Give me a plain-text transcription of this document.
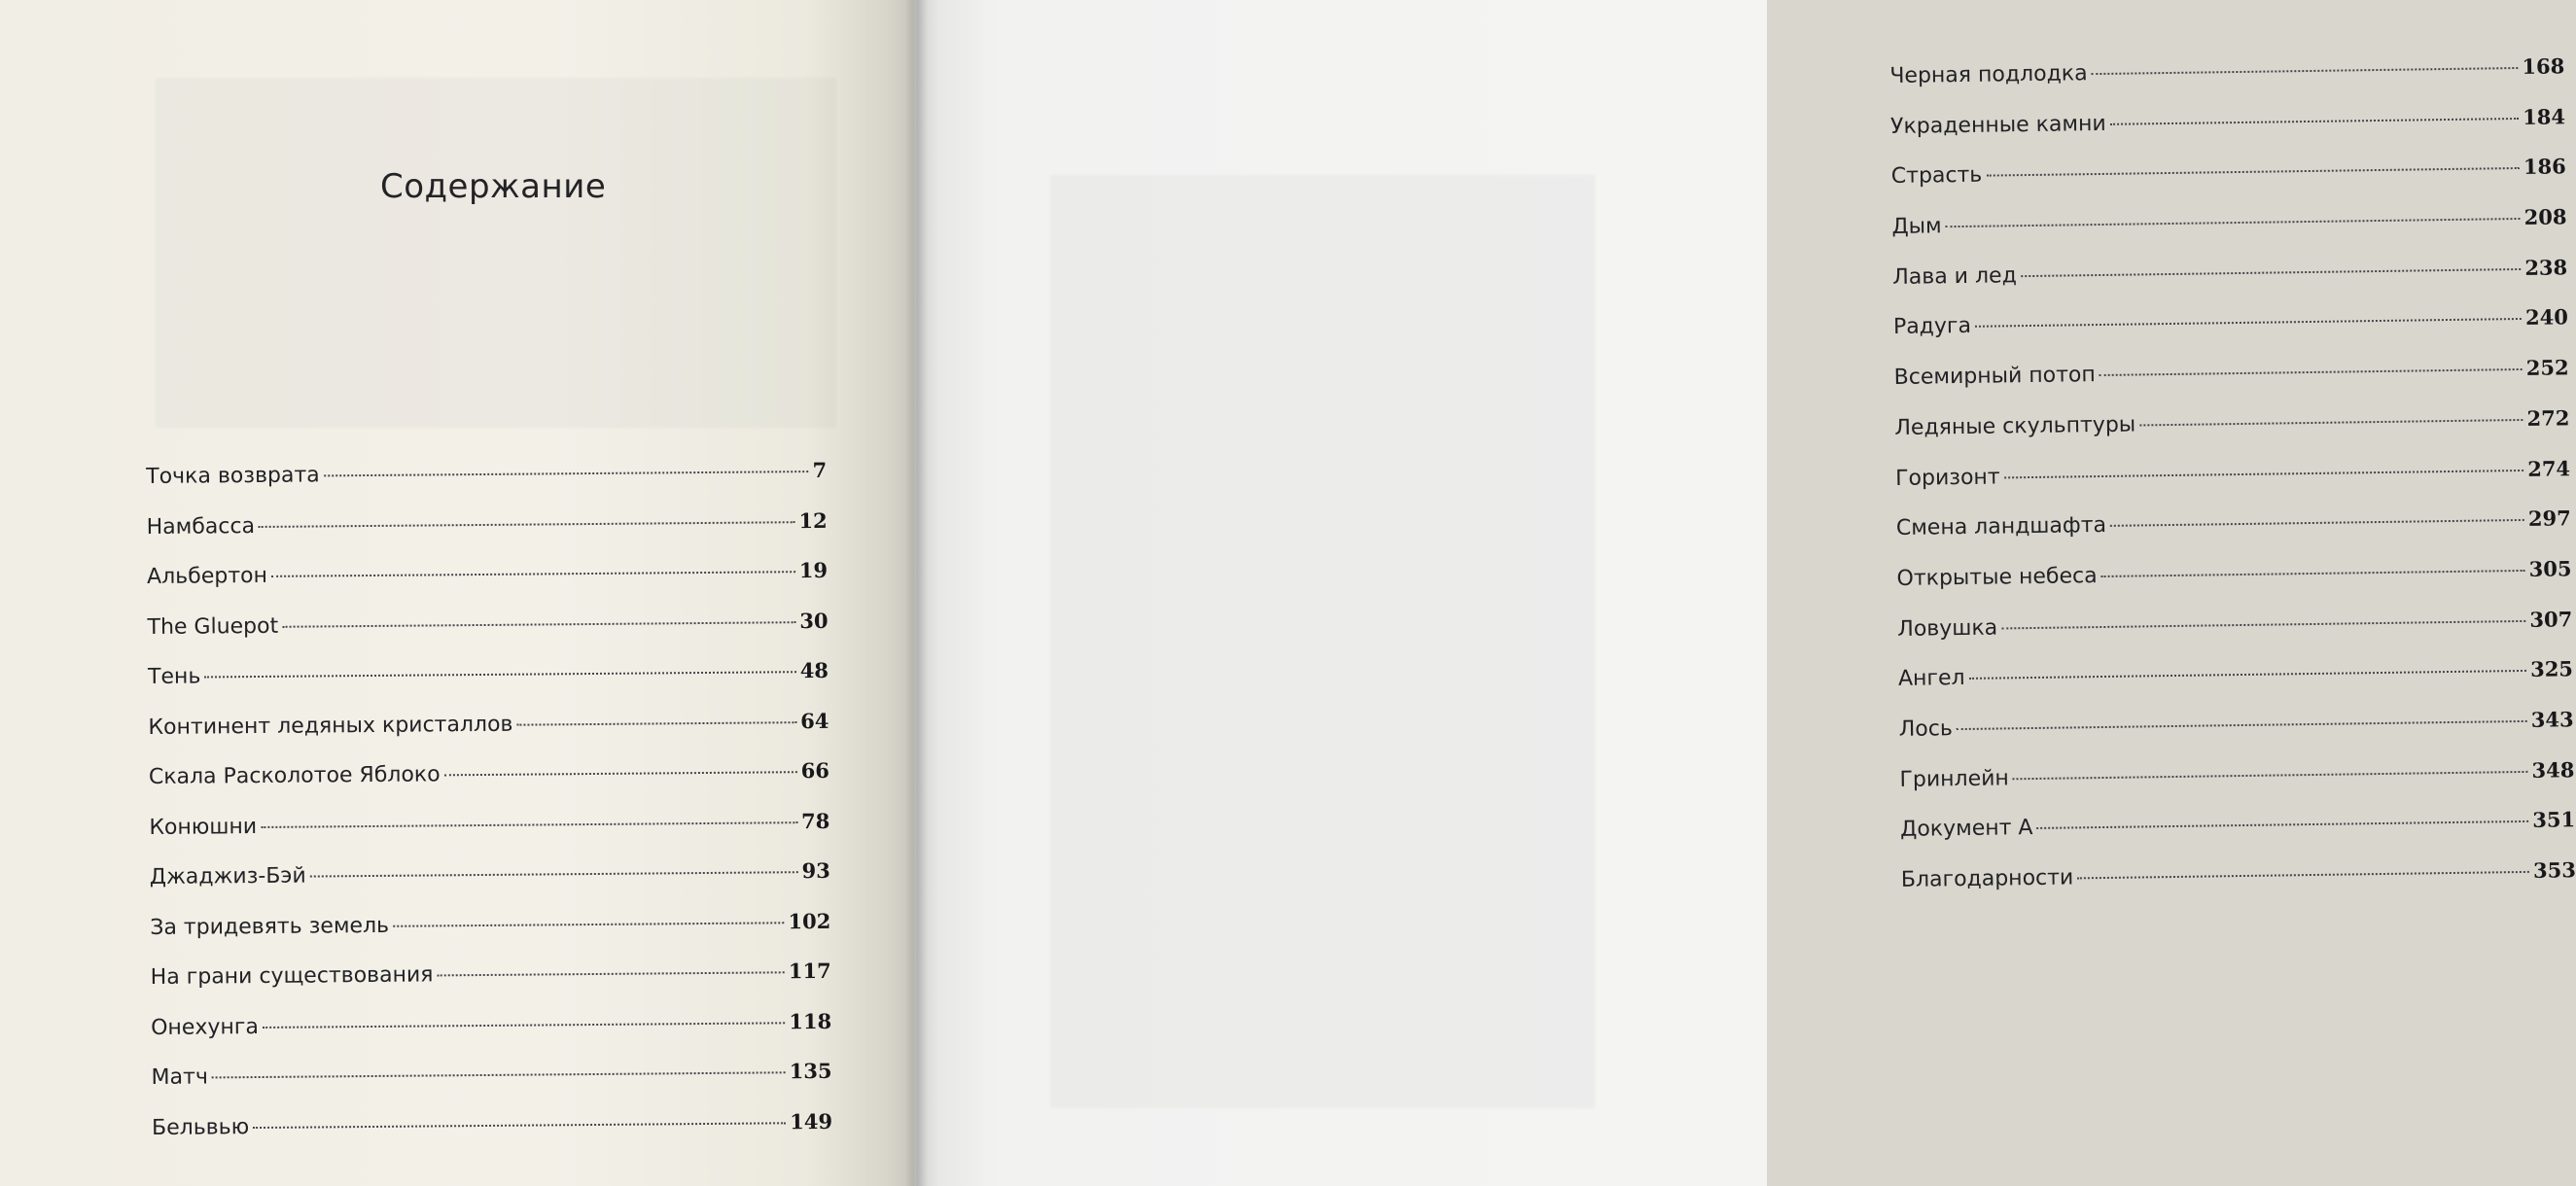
Содержание
Точка возврата	7
Намбасса	12
Альбертон	19
The Gluepot	30
Тень	48
Континент ледяных кристаллов	64
Скала Расколотое Яблоко	66
Конюшни	78
Джаджиз-Бэй	93
За тридевять земель	102
На грани существования	117
Онехунга	118
Матч	135
Бельвью	149
Черная подлодка	168
Украденные камни	184
Страсть	186
Дым	208
Лава и лед	238
Радуга	240
Всемирный потоп	252
Ледяные скульптуры	272
Горизонт	274
Смена ландшафта	297
Открытые небеса	305
Ловушка	307
Ангел	325
Лось	343
Гринлейн	348
Документ А	351
Благодарности	353
